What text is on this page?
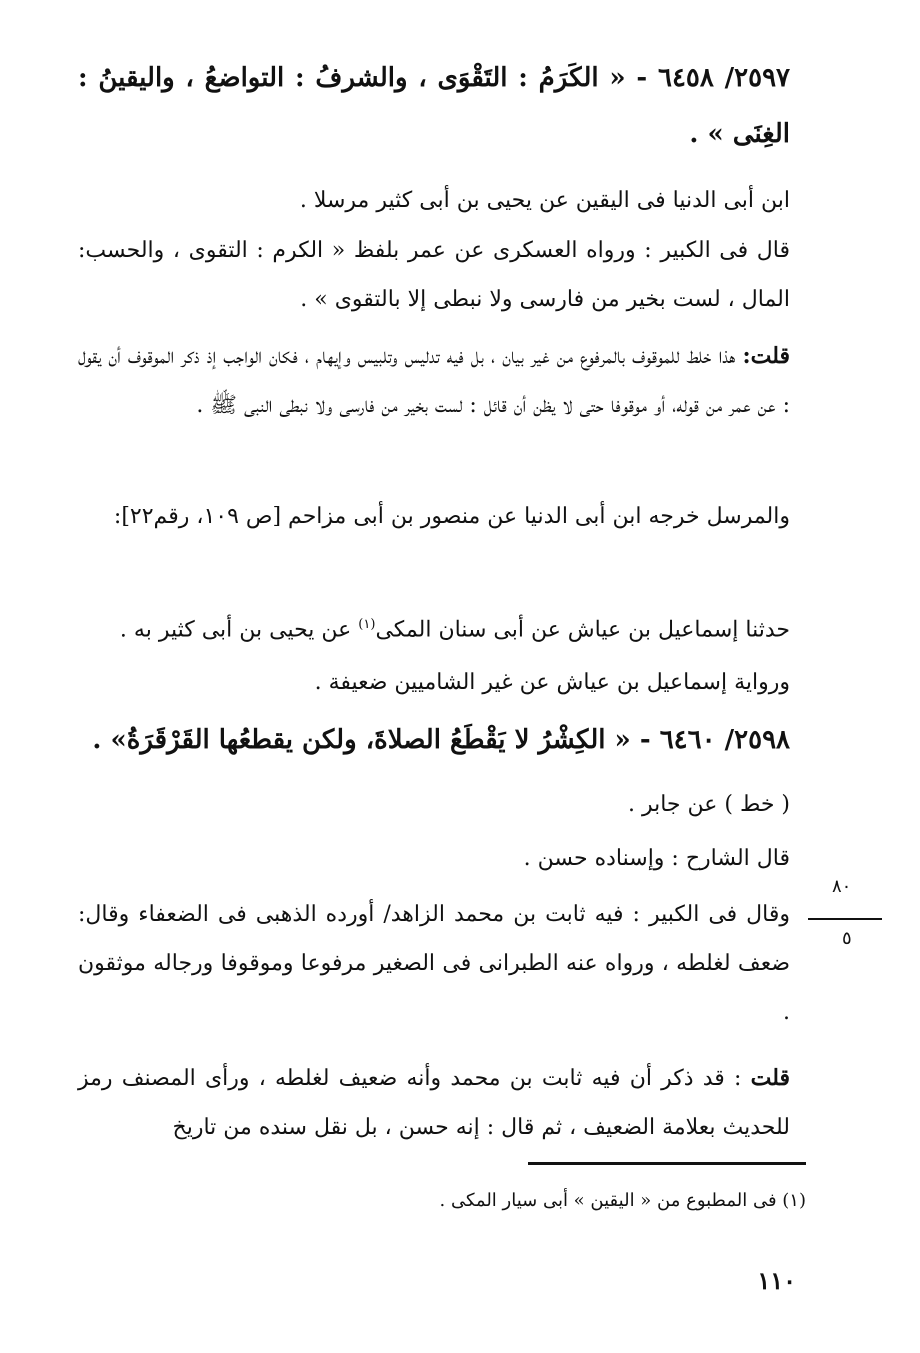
٢٥٩٧/ ٦٤٥٨ - « الكَرَمُ : التَقْوَى ، والشرفُ : التواضعُ ، واليقينُ : الغِنَى » .
ابن أبى الدنيا فى اليقين عن يحيى بن أبى كثير مرسلا .
قال فى الكبير : ورواه العسكرى عن عمر بلفظ « الكرم : التقوى ، والحسب: المال ، لست بخير من فارسى ولا نبطى إلا بالتقوى » .
قلت: هذا خلط للموقوف بالمرفوع من غير بيان ، بل فيه تدليس وتلبيس وإيهام ، فكان الواجب إذ ذكر الموقوف أن يقول : عن عمر من قوله، أو موقوفا حتى لا يظن أن قائل : لست بخير من فارسى ولا نبطى النبى ﷺ .
والمرسل خرجه ابن أبى الدنيا عن منصور بن أبى مزاحم [ص ١٠٩، رقم٢٢]:
حدثنا إسماعيل بن عياش عن أبى سنان المكى$^{(١)}$ عن يحيى بن أبى كثير به .
ورواية إسماعيل بن عياش عن غير الشاميين ضعيفة .
٢٥٩٨/ ٦٤٦٠ - « الكِشْرُ لا يَقْطَعُ الصلاةَ، ولكن يقطعُها القَرْقَرَةُ» .
( خط ) عن جابر .
قال الشارح : وإسناده حسن .
وقال فى الكبير : فيه ثابت بن محمد الزاهد/ أورده الذهبى فى الضعفاء وقال: ضعف لغلطه ، ورواه عنه الطبرانى فى الصغير مرفوعا وموقوفا ورجاله موثقون .
٨٠
٥
قلت : قد ذكر أن فيه ثابت بن محمد وأنه ضعيف لغلطه ، ورأى المصنف رمز للحديث بعلامة الضعيف ، ثم قال : إنه حسن ، بل نقل سنده من تاريخ
(١) فى المطبوع من « اليقين » أبى سيار المكى .
١١٠
